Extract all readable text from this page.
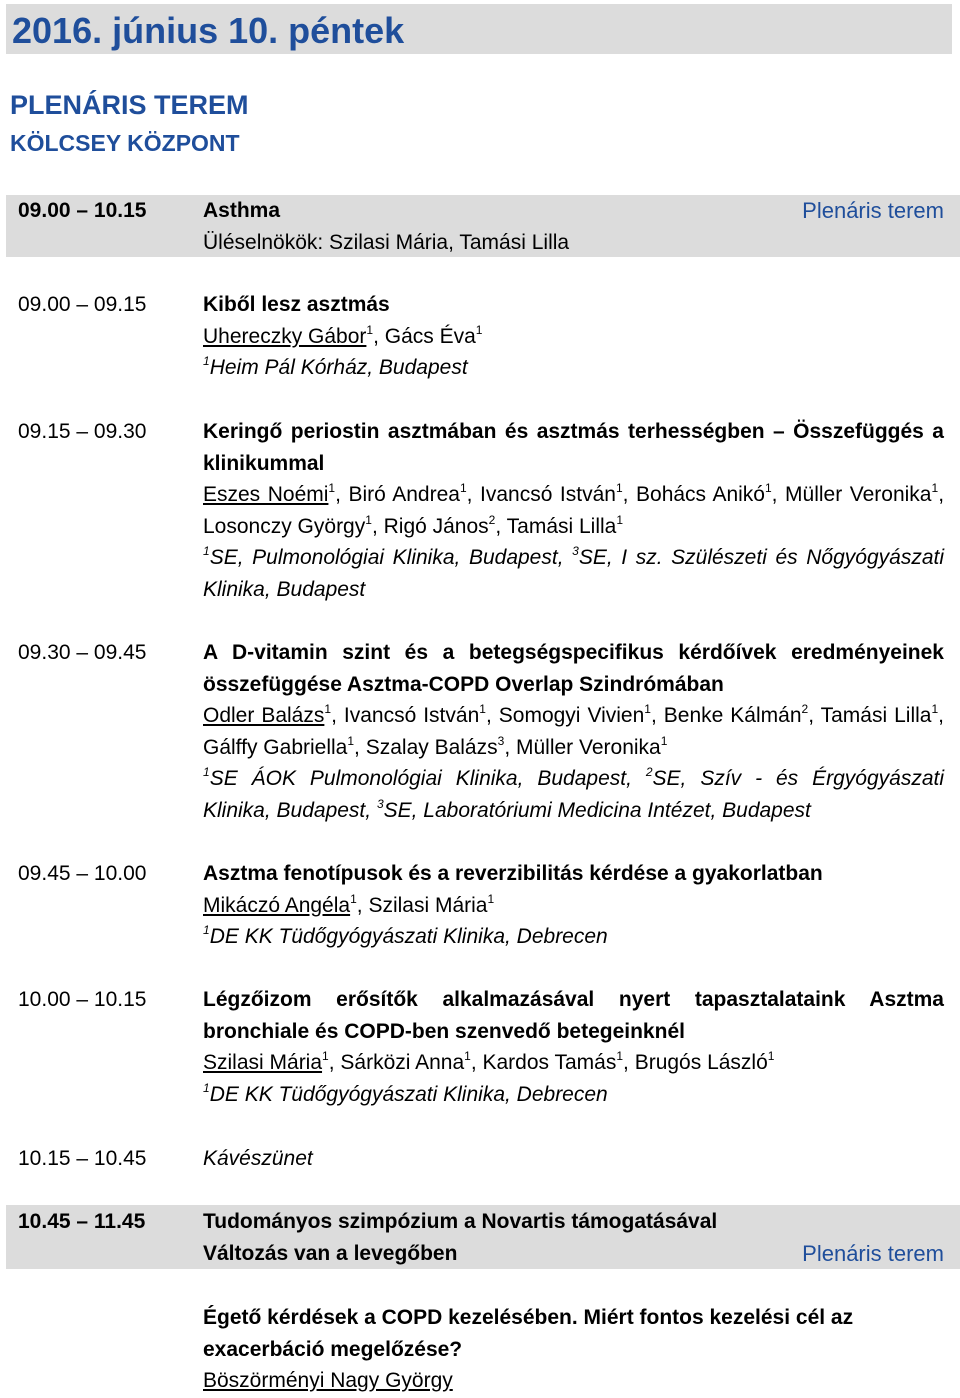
2016. június 10. péntek
PLENÁRIS TEREM
KÖLCSEY KÖZPONT
09.00 – 10.15	Asthma
Üléselnökök: Szilasi Mária, Tamási Lilla
Plenáris terem
09.00 – 09.15	Kiből lesz asztmás
Uhereczky Gábor$^1$, Gács Éva$^1$
$^1$Heim Pál Kórház, Budapest
09.15 – 09.30	Keringő periostin asztmában és asztmás terhességben – Összefüggés a klinikummal
Eszes Noémi$^1$, Biró Andrea$^1$, Ivancsó István$^1$, Bohács Anikó$^1$, Müller Veronika$^1$, Losonczy György$^1$, Rigó János$^2$, Tamási Lilla$^1$
$^1$SE, Pulmonológiai Klinika, Budapest, $^3$SE, I sz. Szülészeti és Nőgyógyászati Klinika, Budapest
09.30 – 09.45	A D-vitamin szint és a betegségspecifikus kérdőívek eredményeinek összefüggése Asztma-COPD Overlap Szindrómában
Odler Balázs$^1$, Ivancsó István$^1$, Somogyi Vivien$^1$, Benke Kálmán$^2$, Tamási Lilla$^1$, Gálffy Gabriella$^1$, Szalay Balázs$^3$, Müller Veronika$^1$
$^1$SE ÁOK Pulmonológiai Klinika, Budapest, $^2$SE, Szív - és Érgyógyászati Klinika, Budapest, $^3$SE, Laboratóriumi Medicina Intézet, Budapest
09.45 – 10.00	Asztma fenotípusok és a reverzibilitás kérdése a gyakorlatban
Mikáczó Angéla$^1$, Szilasi Mária$^1$
$^1$DE KK Tüdőgyógyászati Klinika, Debrecen
10.00 – 10.15	Légzőizom erősítők alkalmazásával nyert tapasztalataink Asztma bronchiale és COPD-ben szenvedő betegeinknél
Szilasi Mária$^1$, Sárközi Anna$^1$, Kardos Tamás$^1$, Brugós László$^1$
$^1$DE KK Tüdőgyógyászati Klinika, Debrecen
10.15 – 10.45	Kávészünet
10.45 – 11.45	Tudományos szimpózium a Novartis támogatásával
Változás van a levegőben	Plenáris terem
Égető kérdések a COPD kezelésében. Miért fontos kezelési cél az exacerbáció megelőzése?
Böszörményi Nagy György
